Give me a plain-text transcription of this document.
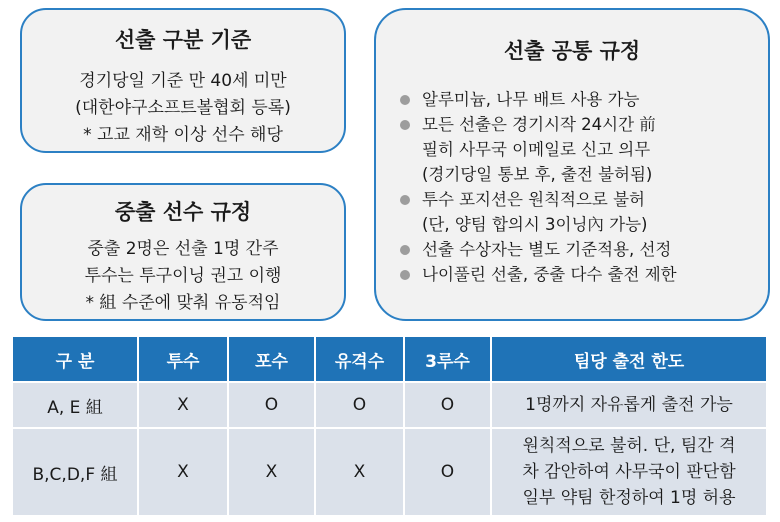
선출 구분 기준
경기당일 기준 만 40세 미만
(대한야구소프트볼협회 등록)
* 고교 재학 이상 선수 해당
중출 선수 규정
중출 2명은 선출 1명 간주
투수는 투구이닝 권고 이행
* 組 수준에 맞춰 유동적임
선출 공통 규정
알루미늄, 나무 배트 사용 가능
모든 선출은 경기시작 24시간 前
필히 사무국 이메일로 신고 의무
(경기당일 통보 후, 출전 불허됨)
투수 포지션은 원칙적으로 불허
(단, 양팀 합의시 3이닝內 가능)
선출 수상자는 별도 기준적용, 선정
나이풀린 선출, 중출 다수 출전 제한
구 분	투수	포수	유격수	3루수	팀당 출전 한도
A, E 組	X	O	O	O	1명까지 자유롭게 출전 가능

B,C,D,F 組	X	X	X	O	원칙적으로 불허. 단, 팀간 격
차 감안하여 사무국이 판단함
일부 약팀 한정하여 1명 허용
